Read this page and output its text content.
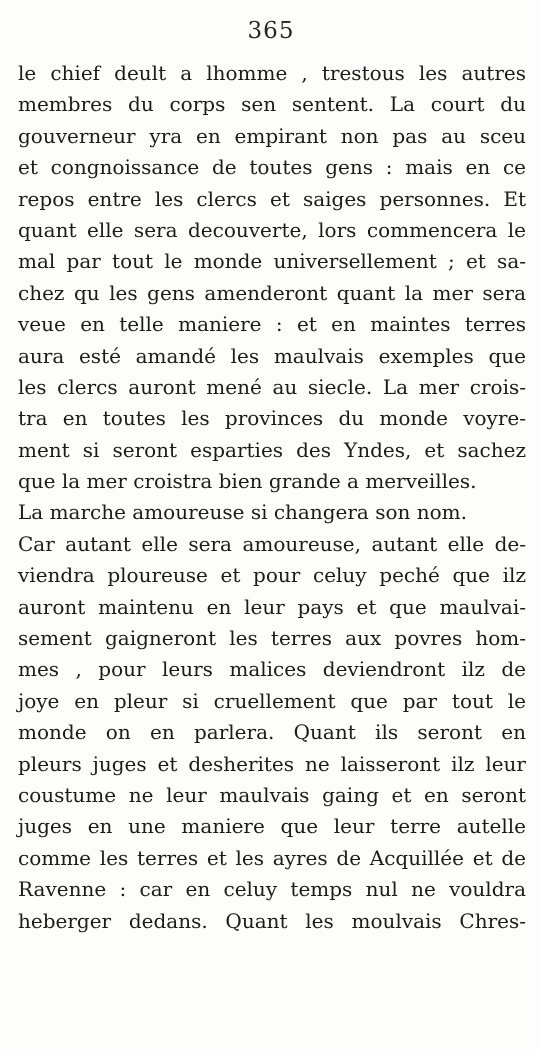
365
le chief deult a lhomme , trestous les autres
membres du corps sen sentent. La court du
gouverneur yra en empirant non pas au sceu
et congnoissance de toutes gens : mais en ce
repos entre les clercs et saiges personnes. Et
quant elle sera decouverte, lors commencera le
mal par tout le monde universellement ; et sa-
chez qu les gens amenderont quant la mer sera
veue en telle maniere : et en maintes terres
aura esté amandé les maulvais exemples que
les clercs auront mené au siecle. La mer crois-
tra en toutes les provinces du monde voyre-
ment si seront esparties des Yndes, et sachez
que la mer croistra bien grande a merveilles.
La marche amoureuse si changera son nom.
Car autant elle sera amoureuse, autant elle de-
viendra ploureuse et pour celuy peché que ilz
auront maintenu en leur pays et que maulvai-
sement gaigneront les terres aux povres hom-
mes , pour leurs malices deviendront ilz de
joye en pleur si cruellement que par tout le
monde on en parlera. Quant ils seront en
pleurs juges et desherites ne laisseront ilz leur
coustume ne leur maulvais gaing et en seront
juges en une maniere que leur terre autelle
comme les terres et les ayres de Acquillée et de
Ravenne : car en celuy temps nul ne vouldra
heberger dedans. Quant les moulvais Chres-
